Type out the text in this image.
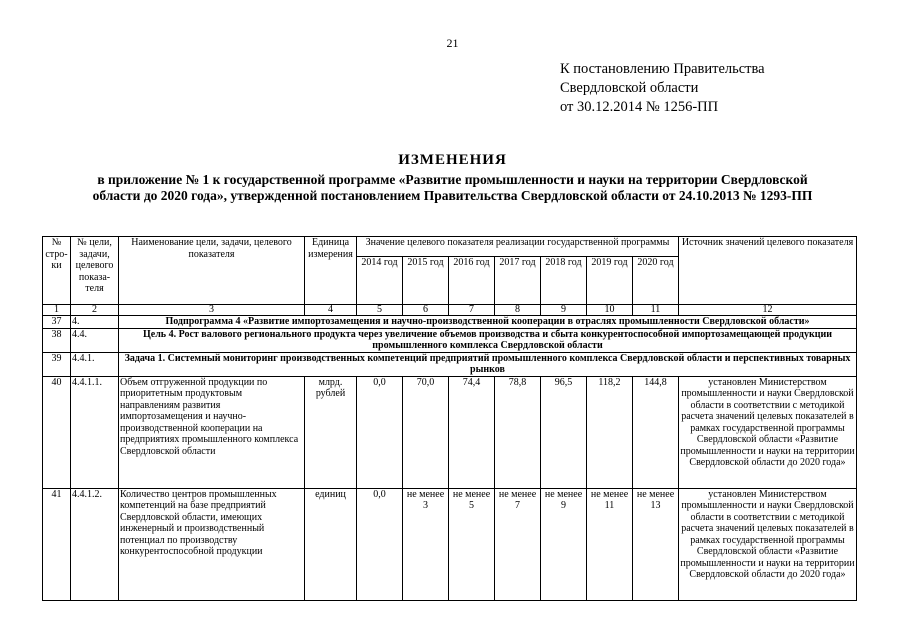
21
К постановлению Правительства
Свердловской области
от 30.12.2014 № 1256-ПП
ИЗМЕНЕНИЯ
в приложение № 1 к государственной программе «Развитие промышленности и науки на территории Свердловской
области до 2020 года», утвержденной постановлением Правительства Свердловской области от 24.10.2013 № 1293-ПП
№ стро-ки	№ цели, задачи, целевого показа-теля	Наименование цели, задачи, целевого показателя	Единица измерения	Значение целевого показателя реализации государственной программы							Источник значений целевого показателя
				2014 год	2015 год	2016 год	2017 год	2018 год	2019 год	2020 год	
1	2	3	4	5	6	7	8	9	10	11	12
37	4.	Подпрограмма 4 «Развитие импортозамещения и научно-производственной кооперации в отраслях промышленности Свердловской области»									
38	4.4.	Цель 4. Рост валового регионального продукта через увеличение объемов производства и сбыта конкурентоспособной импортозамещающей продукции промышленного комплекса Свердловской области									
39	4.4.1.	Задача 1. Системный мониторинг производственных компетенций предприятий промышленного комплекса Свердловской области и перспективных товарных рынков									
40	4.4.1.1.	Объем отгруженной продукции по приоритетным продуктовым направлениям развития импортозамещения и научно-производственной кооперации на предприятиях промышленного комплекса Свердловской области	млрд. рублей	0,0	70,0	74,4	78,8	96,5	118,2	144,8	установлен Министерством промышленности и науки Свердловской области в соответствии с методикой расчета значений целевых показателей в рамках государственной программы Свердловской области «Развитие промышленности и науки на территории Свердловской области до 2020 года»
41	4.4.1.2.	Количество центров промышленных компетенций на базе предприятий Свердловской области, имеющих инженерный и производственный потенциал по производству конкурентоспособной продукции	единиц	0,0	не менее 3	не менее 5	не менее 7	не менее 9	не менее 11	не менее 13	установлен Министерством промышленности и науки Свердловской области в соответствии с методикой расчета значений целевых показателей в рамках государственной программы Свердловской области «Развитие промышленности и науки на территории Свердловской области до 2020 года»
